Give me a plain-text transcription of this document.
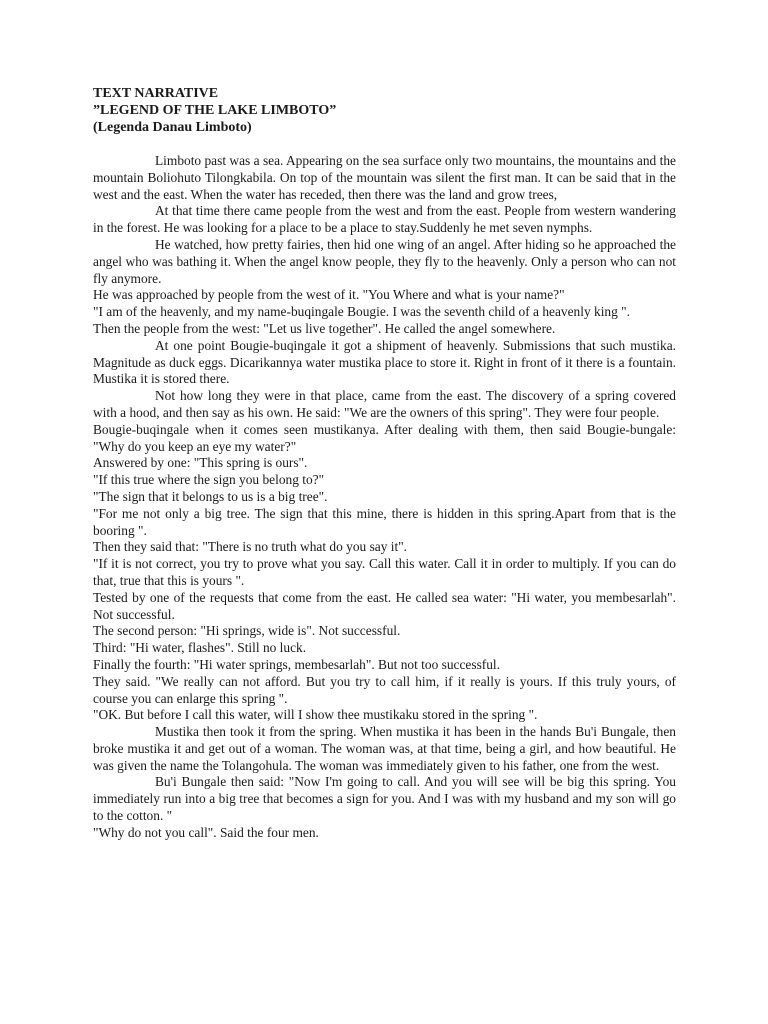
TEXT NARRATIVE

”LEGEND OF THE LAKE LIMBOTO”

(Legenda Danau Limboto)

Limboto past was a sea. Appearing on the sea surface only two mountains, the mountains and the mountain Boliohuto Tilongkabila. On top of the mountain was silent the first man. It can be said that in the west and the east. When the water has receded, then there was the land and grow trees,

At that time there came people from the west and from the east. People from western wandering in the forest. He was looking for a place to be a place to stay.Suddenly he met seven nymphs.

He watched, how pretty fairies, then hid one wing of an angel. After hiding so he approached the angel who was bathing it. When the angel know people, they fly to the heavenly. Only a person who can not fly anymore.

He was approached by people from the west of it. "You Where and what is your name?"

"I am of the heavenly, and my name-buqingale Bougie. I was the seventh child of a heavenly king ".

Then the people from the west: "Let us live together". He called the angel somewhere.

At one point Bougie-buqingale it got a shipment of heavenly. Submissions that such mustika. Magnitude as duck eggs. Dicarikannya water mustika place to store it. Right in front of it there is a fountain. Mustika it is stored there.

Not how long they were in that place, came from the east. The discovery of a spring covered with a hood, and then say as his own. He said: "We are the owners of this spring". They were four people.

Bougie-buqingale when it comes seen mustikanya. After dealing with them, then said Bougie-bungale: "Why do you keep an eye my water?"

Answered by one: "This spring is ours".

"If this true where the sign you belong to?"

"The sign that it belongs to us is a big tree".

"For me not only a big tree. The sign that this mine, there is hidden in this spring.Apart from that is the booring ".

Then they said that: "There is no truth what do you say it".

"If it is not correct, you try to prove what you say. Call this water. Call it in order to multiply. If you can do that, true that this is yours ".

Tested by one of the requests that come from the east. He called sea water: "Hi water, you membesarlah". Not successful.

The second person: "Hi springs, wide is". Not successful.

Third: "Hi water, flashes". Still no luck.

Finally the fourth: "Hi water springs, membesarlah". But not too successful.

They said. "We really can not afford. But you try to call him, if it really is yours. If this truly yours, of course you can enlarge this spring ".

"OK. But before I call this water, will I show thee mustikaku stored in the spring ".

Mustika then took it from the spring. When mustika it has been in the hands Bu'i Bungale, then broke mustika it and get out of a woman. The woman was, at that time, being a girl, and how beautiful. He was given the name the Tolangohula. The woman was immediately given to his father, one from the west.

Bu'i Bungale then said: "Now I'm going to call. And you will see will be big this spring. You immediately run into a big tree that becomes a sign for you. And I was with my husband and my son will go to the cotton. "

"Why do not you call". Said the four men.
